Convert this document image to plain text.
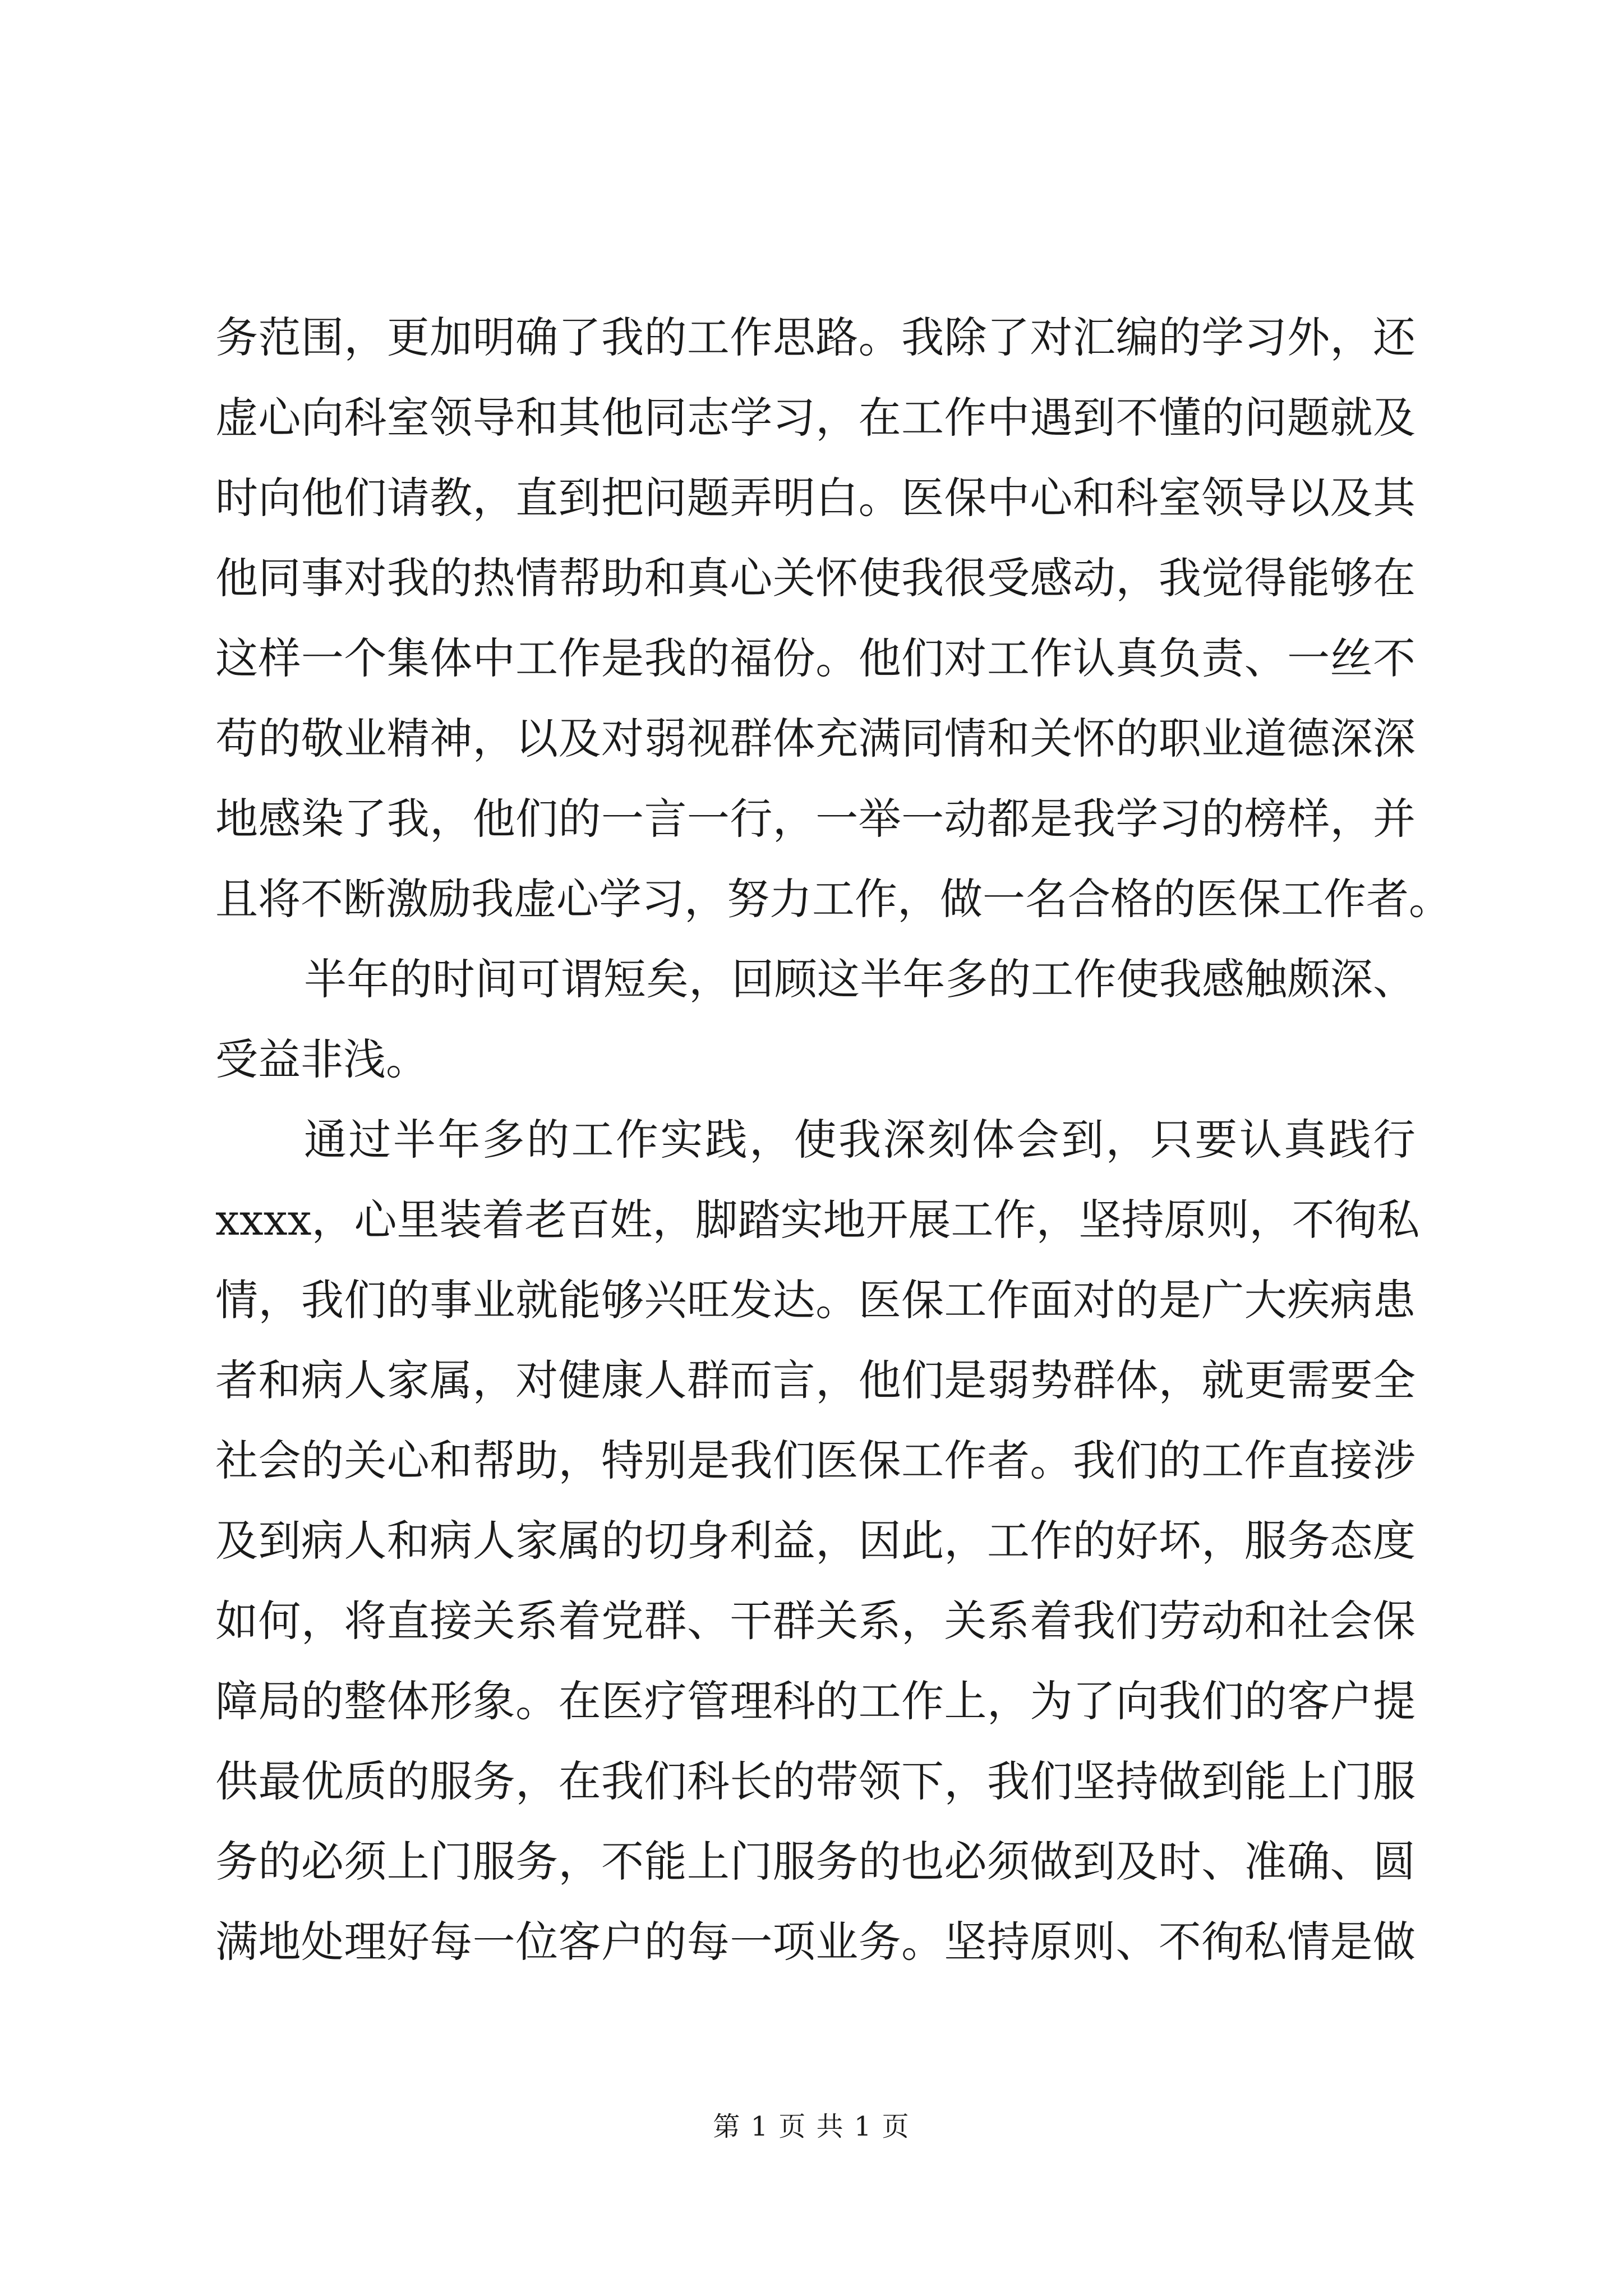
务范围，更加明确了我的工作思路。我除了对汇编的学习外，还
虚心向科室领导和其他同志学习，在工作中遇到不懂的问题就及
时向他们请教，直到把问题弄明白。医保中心和科室领导以及其
他同事对我的热情帮助和真心关怀使我很受感动，我觉得能够在
这样一个集体中工作是我的福份。他们对工作认真负责、一丝不
苟的敬业精神，以及对弱视群体充满同情和关怀的职业道德深深
地感染了我，他们的一言一行，一举一动都是我学习的榜样，并
且将不断激励我虚心学习，努力工作，做一名合格的医保工作者。
半年的时间可谓短矣，回顾这半年多的工作使我感触颇深、
受益非浅。
通过半年多的工作实践，使我深刻体会到，只要认真践行
xxxx，心里装着老百姓，脚踏实地开展工作，坚持原则，不徇私
情，我们的事业就能够兴旺发达。医保工作面对的是广大疾病患
者和病人家属，对健康人群而言，他们是弱势群体，就更需要全
社会的关心和帮助，特别是我们医保工作者。我们的工作直接涉
及到病人和病人家属的切身利益，因此，工作的好坏，服务态度
如何，将直接关系着党群、干群关系，关系着我们劳动和社会保
障局的整体形象。在医疗管理科的工作上，为了向我们的客户提
供最优质的服务，在我们科长的带领下，我们坚持做到能上门服
务的必须上门服务，不能上门服务的也必须做到及时、准确、圆
满地处理好每一位客户的每一项业务。坚持原则、不徇私情是做
第 1 页 共 1 页
